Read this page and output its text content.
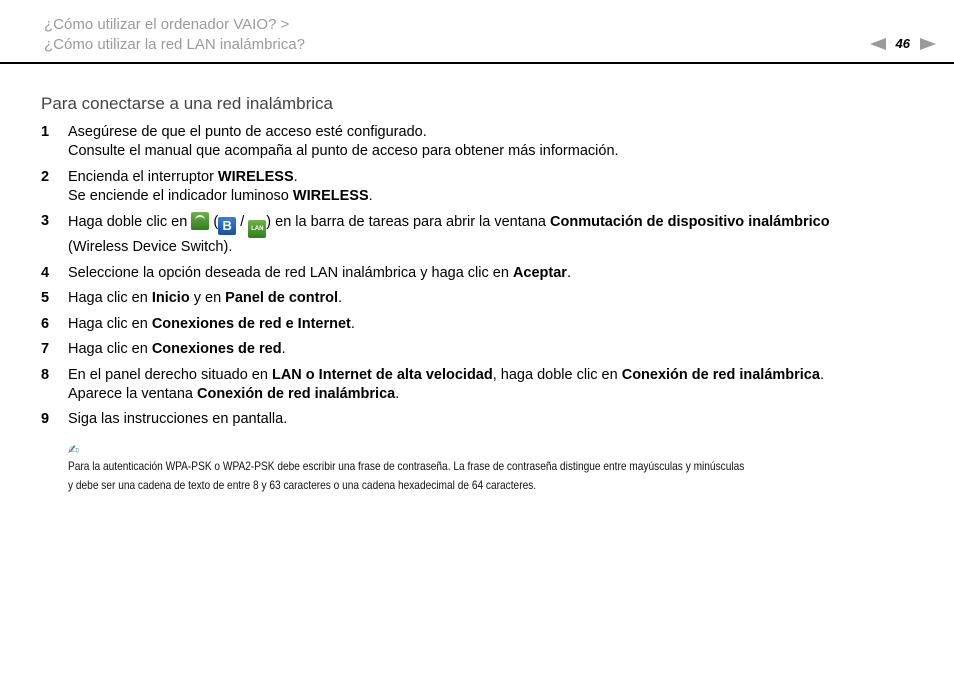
¿Cómo utilizar el ordenador VAIO? >
¿Cómo utilizar la red LAN inalámbrica?	46
Para conectarse a una red inalámbrica
1	Asegúrese de que el punto de acceso esté configurado.
Consulte el manual que acompaña al punto de acceso para obtener más información.
2	Encienda el interruptor WIRELESS.
Se enciende el indicador luminoso WIRELESS.
3	Haga doble clic en  ( B / LAN ) en la barra de tareas para abrir la ventana Conmutación de dispositivo inalámbrico
(Wireless Device Switch).
4	Seleccione la opción deseada de red LAN inalámbrica y haga clic en Aceptar.
5	Haga clic en Inicio y en Panel de control.
6	Haga clic en Conexiones de red e Internet.
7	Haga clic en Conexiones de red.
8	En el panel derecho situado en LAN o Internet de alta velocidad, haga doble clic en Conexión de red inalámbrica.
Aparece la ventana Conexión de red inalámbrica.
9	Siga las instrucciones en pantalla.
✍
Para la autenticación WPA-PSK o WPA2-PSK debe escribir una frase de contraseña. La frase de contraseña distingue entre mayúsculas y minúsculas
y debe ser una cadena de texto de entre 8 y 63 caracteres o una cadena hexadecimal de 64 caracteres.
